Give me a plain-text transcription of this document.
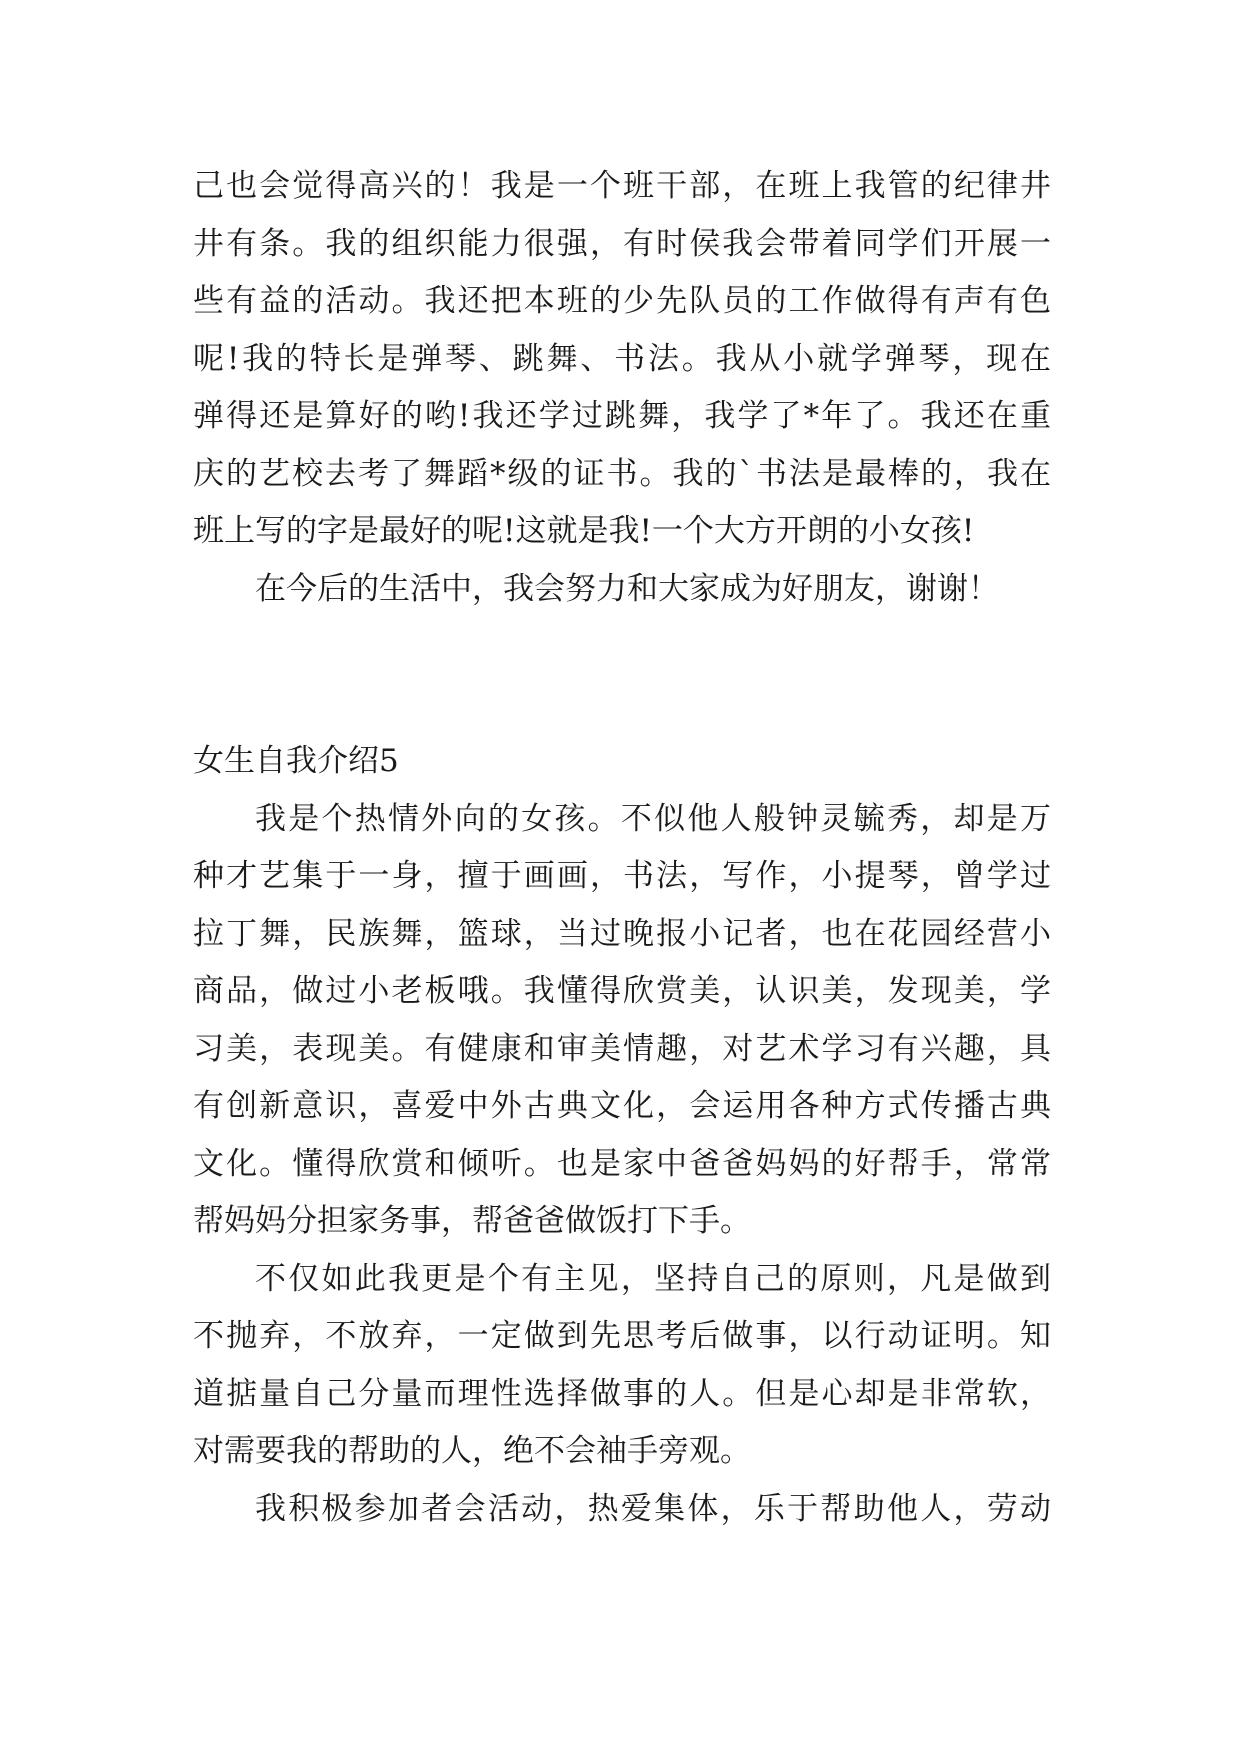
己也会觉得高兴的！我是一个班干部，在班上我管的纪律井
井有条。我的组织能力很强，有时侯我会带着同学们开展一
些有益的活动。我还把本班的少先队员的工作做得有声有色
呢!我的特长是弹琴、跳舞、书法。我从小就学弹琴，现在
弹得还是算好的哟!我还学过跳舞，我学了*年了。我还在重
庆的艺校去考了舞蹈*级的证书。我的`书法是最棒的，我在
班上写的字是最好的呢!这就是我!一个大方开朗的小女孩!
在今后的生活中，我会努力和大家成为好朋友，谢谢！
女生自我介绍5
我是个热情外向的女孩。不似他人般钟灵毓秀，却是万
种才艺集于一身，擅于画画，书法，写作，小提琴，曾学过
拉丁舞，民族舞，篮球，当过晚报小记者，也在花园经营小
商品，做过小老板哦。我懂得欣赏美，认识美，发现美，学
习美，表现美。有健康和审美情趣，对艺术学习有兴趣，具
有创新意识，喜爱中外古典文化，会运用各种方式传播古典
文化。懂得欣赏和倾听。也是家中爸爸妈妈的好帮手，常常
帮妈妈分担家务事，帮爸爸做饭打下手。
不仅如此我更是个有主见，坚持自己的原则，凡是做到
不抛弃，不放弃，一定做到先思考后做事，以行动证明。知
道掂量自己分量而理性选择做事的人。但是心却是非常软，
对需要我的帮助的人，绝不会袖手旁观。
我积极参加者会活动，热爱集体，乐于帮助他人，劳动
